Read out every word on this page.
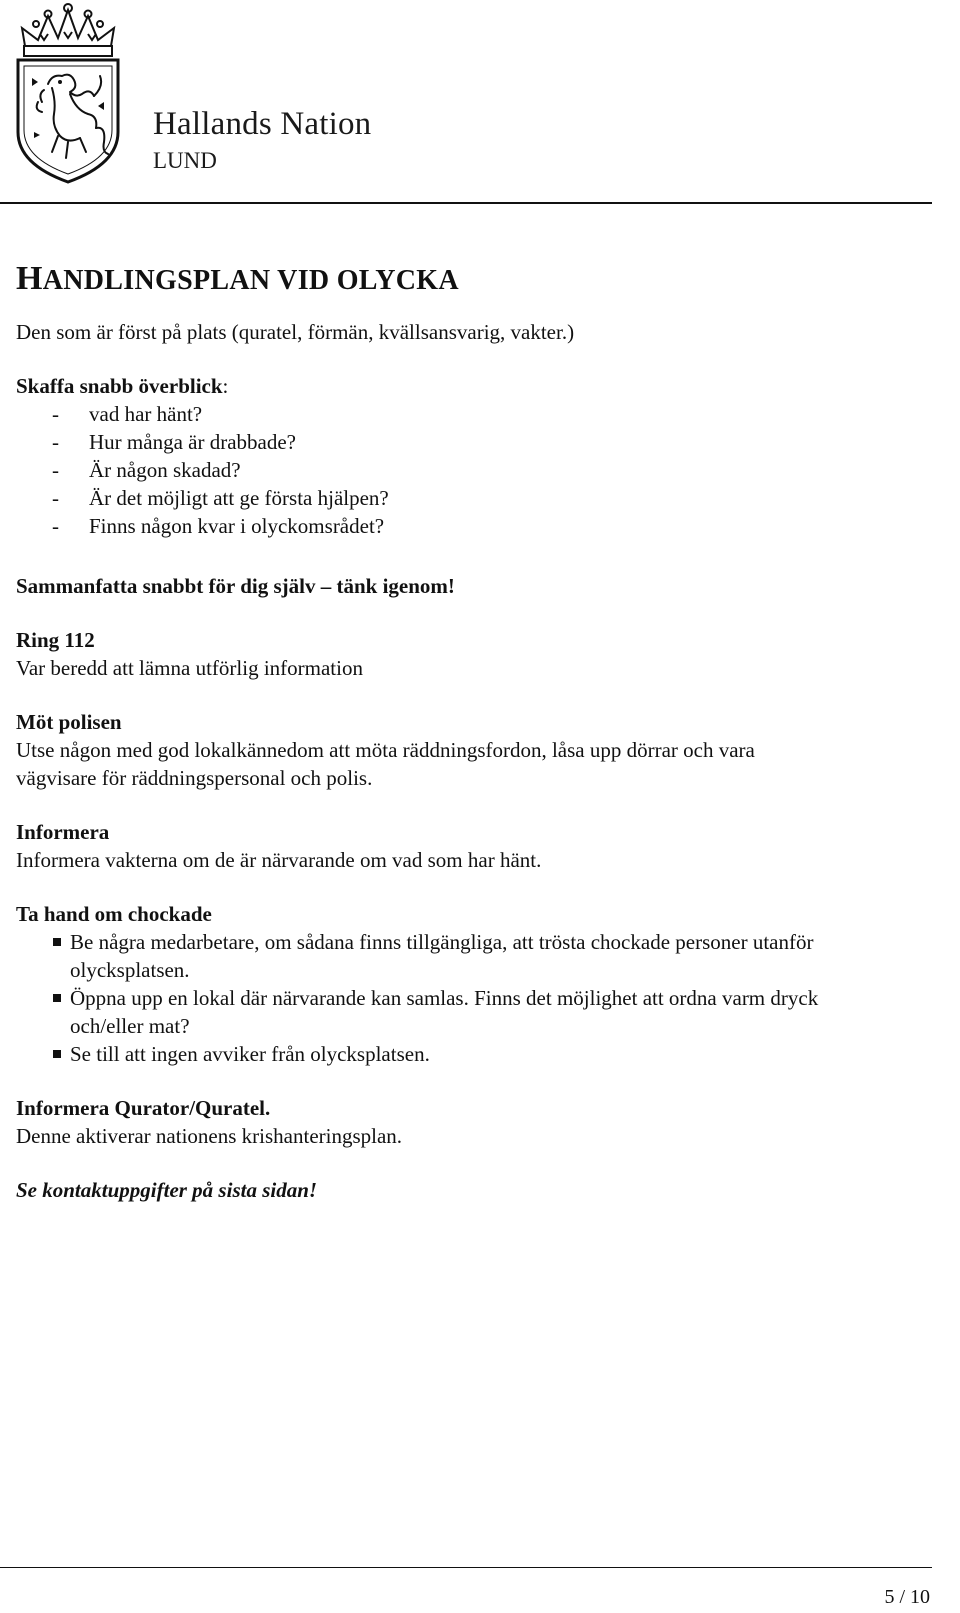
Hallands Nation
LUND
HANDLINGSPLAN VID OLYCKA
Den som är först på plats (quratel, förmän, kvällsansvarig, vakter.)
Skaffa snabb överblick:
- vad har hänt?
- Hur många är drabbade?
- Är någon skadad?
- Är det möjligt att ge första hjälpen?
- Finns någon kvar i olyckomsrådet?
Sammanfatta snabbt för dig själv – tänk igenom!
Ring 112
Var beredd att lämna utförlig information
Möt polisen
Utse någon med god lokalkännedom att möta räddningsfordon, låsa upp dörrar och vara
vägvisare för räddningspersonal och polis.
Informera
Informera vakterna om de är närvarande om vad som har hänt.
Ta hand om chockade
Be några medarbetare, om sådana finns tillgängliga, att trösta chockade personer utanför
olycksplatsen.
Öppna upp en lokal där närvarande kan samlas. Finns det möjlighet att ordna varm dryck
och/eller mat?
Se till att ingen avviker från olycksplatsen.
Informera Qurator/Quratel.
Denne aktiverar nationens krishanteringsplan.
Se kontaktuppgifter på sista sidan!
5 / 10
